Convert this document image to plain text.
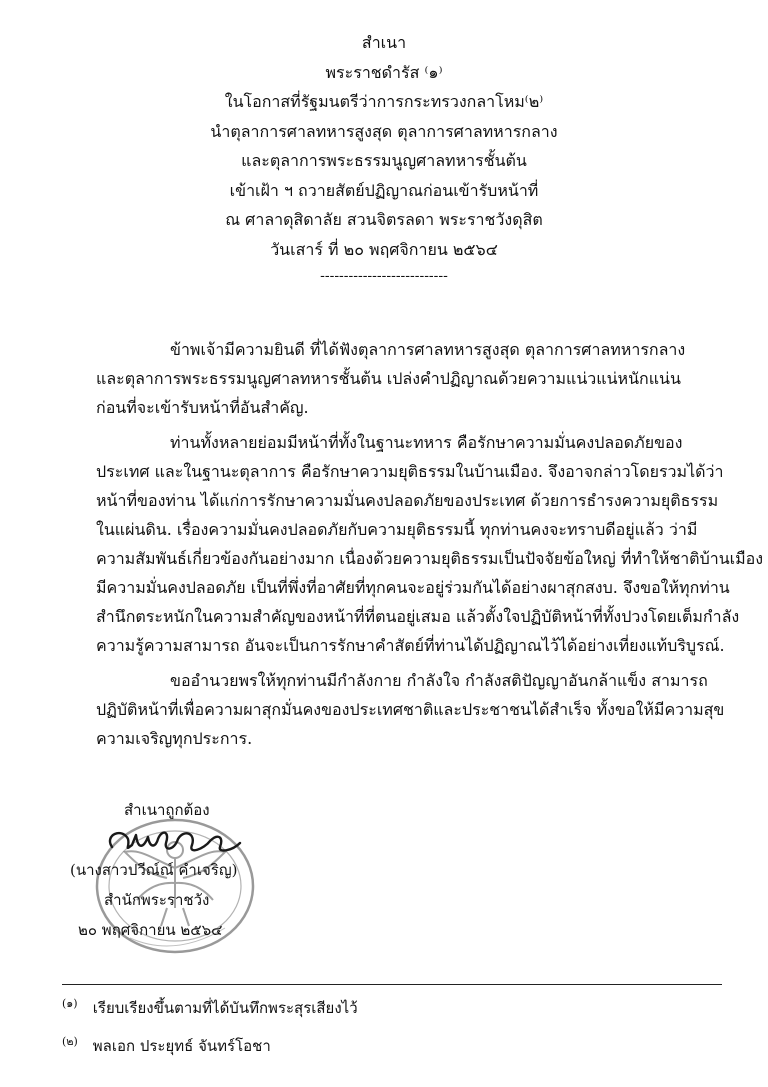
สำเนา
พระราชดำรัส ⁽๑⁾
ในโอกาสที่รัฐมนตรีว่าการกระทรวงกลาโหม⁽๒⁾
นำตุลาการศาลทหารสูงสุด ตุลาการศาลทหารกลาง
และตุลาการพระธรรมนูญศาลทหารชั้นต้น
เข้าเฝ้า ฯ ถวายสัตย์ปฏิญาณก่อนเข้ารับหน้าที่
ณ ศาลาดุสิดาลัย สวนจิตรลดา พระราชวังดุสิต
วันเสาร์ ที่ ๒๐ พฤศจิกายน ๒๕๖๔
---------------------------

ข้าพเจ้ามีความยินดี ที่ได้ฟังตุลาการศาลทหารสูงสุด ตุลาการศาลทหารกลาง
และตุลาการพระธรรมนูญศาลทหารชั้นต้น เปล่งคำปฏิญาณด้วยความแน่วแน่หนักแน่น
ก่อนที่จะเข้ารับหน้าที่อันสำคัญ.

ท่านทั้งหลายย่อมมีหน้าที่ทั้งในฐานะทหาร คือรักษาความมั่นคงปลอดภัยของ
ประเทศ และในฐานะตุลาการ คือรักษาความยุติธรรมในบ้านเมือง. จึงอาจกล่าวโดยรวมได้ว่า
หน้าที่ของท่าน ได้แก่การรักษาความมั่นคงปลอดภัยของประเทศ ด้วยการธำรงความยุติธรรม
ในแผ่นดิน. เรื่องความมั่นคงปลอดภัยกับความยุติธรรมนี้ ทุกท่านคงจะทราบดีอยู่แล้ว ว่ามี
ความสัมพันธ์เกี่ยวข้องกันอย่างมาก เนื่องด้วยความยุติธรรมเป็นปัจจัยข้อใหญ่ ที่ทำให้ชาติบ้านเมือง
มีความมั่นคงปลอดภัย เป็นที่พึ่งที่อาศัยที่ทุกคนจะอยู่ร่วมกันได้อย่างผาสุกสงบ. จึงขอให้ทุกท่าน
สำนึกตระหนักในความสำคัญของหน้าที่ที่ตนอยู่เสมอ แล้วตั้งใจปฏิบัติหน้าที่ทั้งปวงโดยเต็มกำลัง
ความรู้ความสามารถ อันจะเป็นการรักษาคำสัตย์ที่ท่านได้ปฏิญาณไว้ได้อย่างเที่ยงแท้บริบูรณ์.

ขออำนวยพรให้ทุกท่านมีกำลังกาย กำลังใจ กำลังสติปัญญาอันกล้าแข็ง สามารถ
ปฏิบัติหน้าที่เพื่อความผาสุกมั่นคงของประเทศชาติและประชาชนได้สำเร็จ ทั้งขอให้มีความสุข
ความเจริญทุกประการ.

สำเนาถูกต้อง
(นางสาวปวีณ์ณ์ คำเจริญ)
สำนักพระราชวัง
๒๐ พฤศจิกายน ๒๕๖๔
(๑) เรียบเรียงขึ้นตามที่ได้บันทึกพระสุรเสียงไว้
(๒) พลเอก ประยุทธ์ จันทร์โอชา
